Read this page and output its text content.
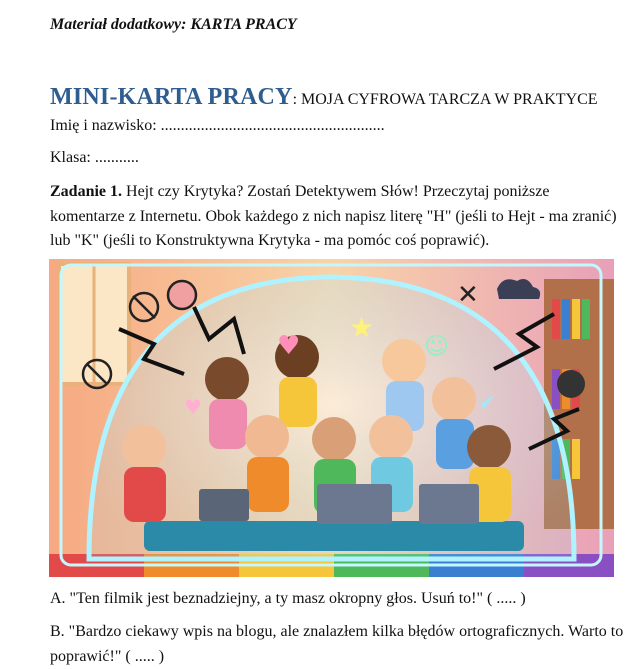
Materiał dodatkowy: KARTA PRACY
MINI-KARTA PRACY: MOJA CYFROWA TARCZA W PRAKTYCE
Imię i nazwisko: ........................................................
Klasa: ...........
Zadanie 1. Hejt czy Krytyka? Zostań Detektywem Słów! Przeczytaj poniższe komentarze z Internetu. Obok każdego z nich napisz literę "H" (jeśli to Hejt - ma zranić) lub "K" (jeśli to Konstruktywna Krytyka - ma pomóc coś poprawić).
♥
★
☺
♥	✔
✕
A. "Ten filmik jest beznadziejny, a ty masz okropny głos. Usuń to!" ( ..... )
B. "Bardzo ciekawy wpis na blogu, ale znalazłem kilka błędów ortograficznych. Warto to poprawić!" ( ..... )
